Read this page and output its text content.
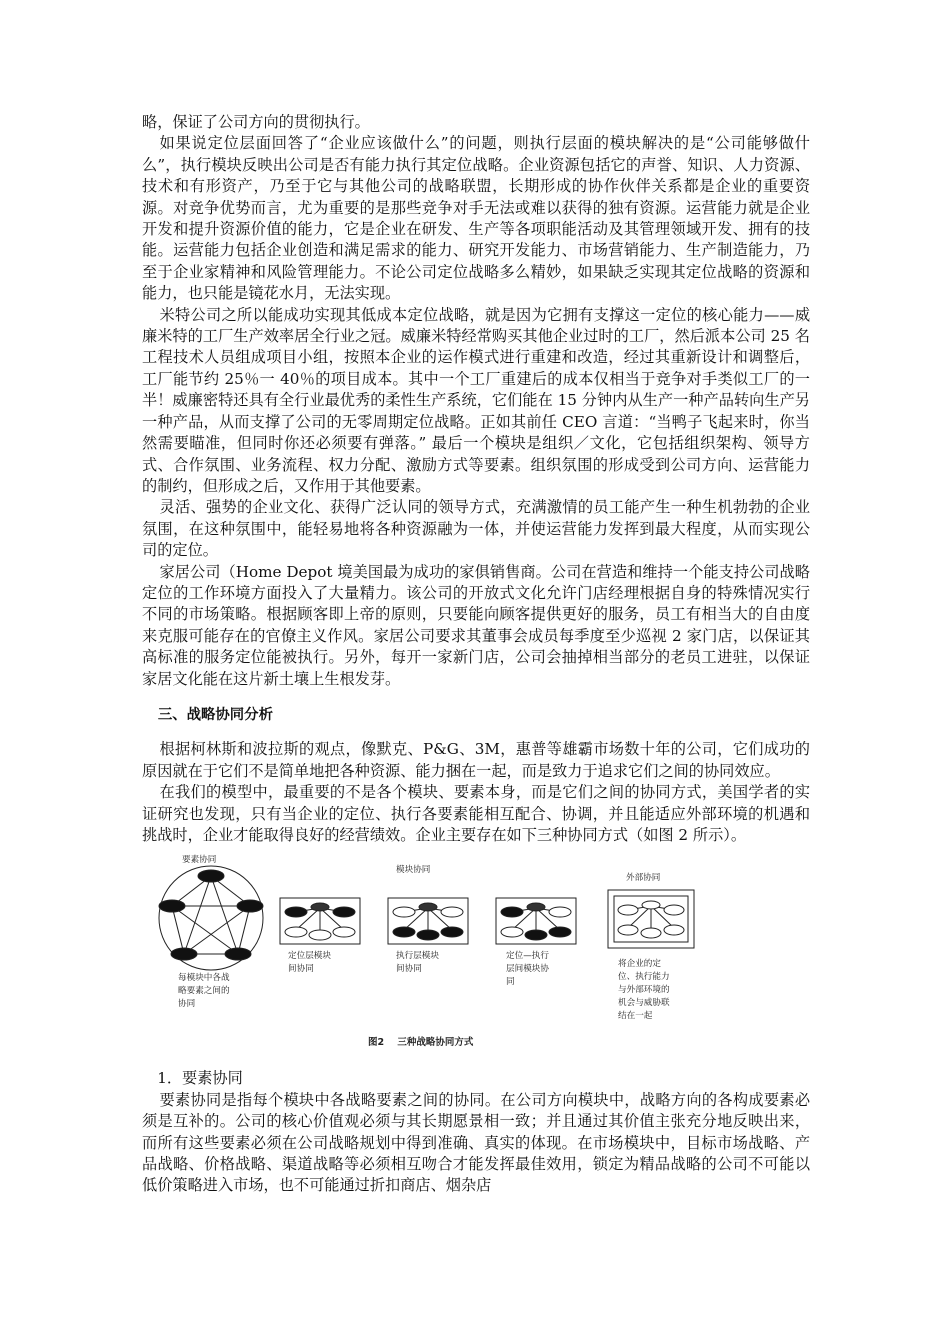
略，保证了公司方向的贯彻执行。

如果说定位层面回答了“企业应该做什么”的问题，则执行层面的模块解决的是“公司能够做什么”，执行模块反映出公司是否有能力执行其定位战略。企业资源包括它的声誉、知识、人力资源、技术和有形资产，乃至于它与其他公司的战略联盟，长期形成的协作伙伴关系都是企业的重要资源。对竞争优势而言，尤为重要的是那些竞争对手无法或难以获得的独有资源。运营能力就是企业开发和提升资源价值的能力，它是企业在研发、生产等各项职能活动及其管理领域开发、拥有的技能。运营能力包括企业创造和满足需求的能力、研究开发能力、市场营销能力、生产制造能力，乃至于企业家精神和风险管理能力。不论公司定位战略多么精妙，如果缺乏实现其定位战略的资源和能力，也只能是镜花水月，无法实现。

米特公司之所以能成功实现其低成本定位战略，就是因为它拥有支撑这一定位的核心能力——威廉米特的工厂生产效率居全行业之冠。威廉米特经常购买其他企业过时的工厂，然后派本公司 25 名工程技术人员组成项目小组，按照本企业的运作模式进行重建和改造，经过其重新设计和调整后，工厂能节约 25％一 40％的项目成本。其中一个工厂重建后的成本仅相当于竞争对手类似工厂的一半！威廉密特还具有全行业最优秀的柔性生产系统，它们能在 15 分钟内从生产一种产品转向生产另一种产品，从而支撑了公司的无零周期定位战略。正如其前任 CEO 言道：“当鸭子飞起来时，你当然需要瞄准，但同时你还必须要有弹落。” 最后一个模块是组织／文化，它包括组织架构、领导方式、合作氛围、业务流程、权力分配、激励方式等要素。组织氛围的形成受到公司方向、运营能力的制约，但形成之后，又作用于其他要素。

灵活、强势的企业文化、获得广泛认同的领导方式，充满激情的员工能产生一种生机勃勃的企业氛围，在这种氛围中，能轻易地将各种资源融为一体，并使运营能力发挥到最大程度，从而实现公司的定位。

家居公司（Home Depot 境美国最为成功的家俱销售商。公司在营造和维持一个能支持公司战略定位的工作环境方面投入了大量精力。该公司的开放式文化允许门店经理根据自身的特殊情况实行不同的市场策略。根据顾客即上帝的原则，只要能向顾客提供更好的服务，员工有相当大的自由度来克服可能存在的官僚主义作风。家居公司要求其董事会成员每季度至少巡视 2 家门店，以保证其高标准的服务定位能被执行。另外，每开一家新门店，公司会抽掉相当部分的老员工进驻，以保证家居文化能在这片新土壤上生根发芽。

三、战略协同分析

根据柯林斯和波拉斯的观点，像默克、P&G、3M，惠普等雄霸市场数十年的公司，它们成功的原因就在于它们不是简单地把各种资源、能力捆在一起，而是致力于追求它们之间的协同效应。

在我们的模型中，最重要的不是各个模块、要素本身，而是它们之间的协同方式，美国学者的实证研究也发现，只有当企业的定位、执行各要素能相互配合、协调，并且能适应外部环境的机遇和挑战时，企业才能取得良好的经营绩效。企业主要存在如下三种协同方式（如图 2 所示）。

要素协同
模块协同
外部协同
每模块中各战略要素之间的协同
定位层模块间协同
执行层模块间协同
定位—执行层间模块协同
将企业的定位、执行能力与外部环境的机会与威胁联结在一起
图2 三种战略协同方式

1．要素协同

要素协同是指每个模块中各战略要素之间的协同。在公司方向模块中，战略方向的各构成要素必须是互补的。公司的核心价值观必须与其长期愿景相一致；并且通过其价值主张充分地反映出来，而所有这些要素必须在公司战略规划中得到准确、真实的体现。在市场模块中，目标市场战略、产品战略、价格战略、渠道战略等必须相互吻合才能发挥最佳效用，锁定为精品战略的公司不可能以低价策略进入市场，也不可能通过折扣商店、烟杂店
